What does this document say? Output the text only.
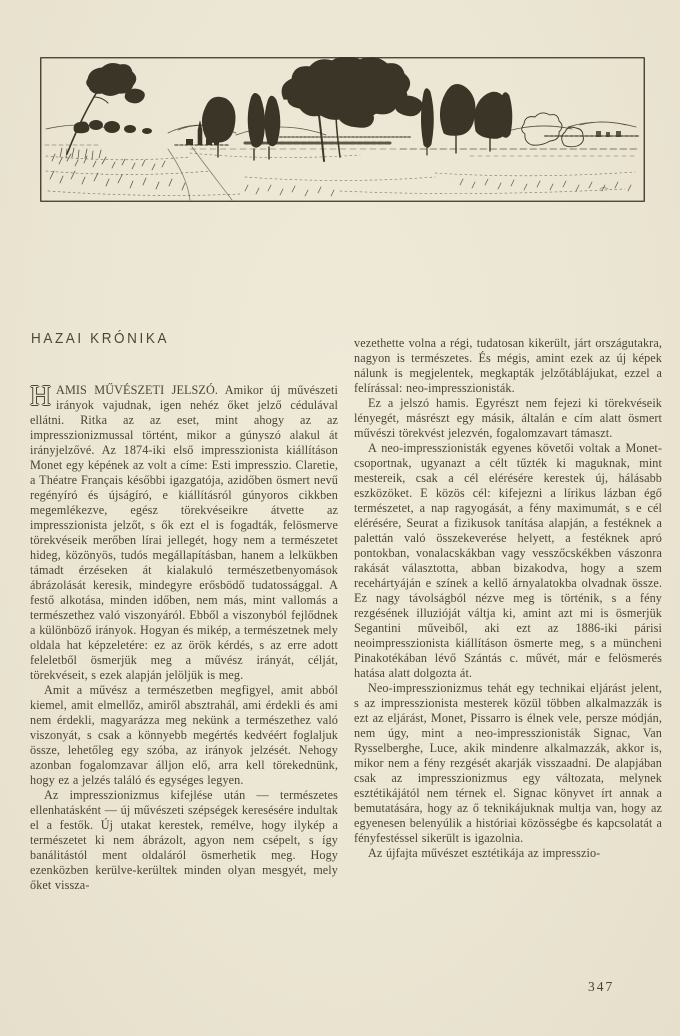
HAZAI KRÓNIKA

HAMIS MŰVÉSZETI JELSZÓ. Amikor új művészeti irányok vajudnak, igen nehéz őket jelző cédulával ellátni. Ritka az az eset, mint ahogy az az impresszionizmussal történt, mikor a gúnyszó alakul át irányjelzővé. Az 1874-iki első impresszionista kiállításon Monet egy képének az volt a címe: Esti impresszio. Claretie, a Théatre Français későbbi igazgatója, azidőben ösmert nevű regényíró és újságíró, e kiállításról gúnyoros cikkben megemlékezve, egész törekvéseikre átvette az impresszionista jelzőt, s ők ezt el is fogadták, felösmerve törekvéseik merőben lírai jellegét, hogy nem a természetet hideg, közönyös, tudós megállapításban, hanem a lelkükben támadt érzéseken át kialakuló természetbenyomások ábrázolását keresik, mindegyre erősbödő tudatossággal. A festő alkotása, minden időben, nem más, mint vallomás a természethez való viszonyáról. Ebből a viszonyból fejlődnek a különböző irányok. Hogyan és mikép, a természetnek mely oldala hat képzeletére: ez az örök kérdés, s az erre adott feleletből ösmerjük meg a művész irányát, célját, törekvéseit, s ezek alapján jelöljük is meg.

Amit a művész a természetben megfigyel, amit abból kiemel, amit elmellőz, amiről absztrahál, ami érdekli és ami nem érdekli, magyarázza meg nekünk a természethez való viszonyát, s csak a könnyebb megértés kedvéért foglaljuk össze, lehetőleg egy szóba, az irányok jelzését. Nehogy azonban fogalomzavar álljon elő, arra kell törekednünk, hogy ez a jelzés találó és egységes legyen.

Az impresszionizmus kifejlése után — természetes ellenhatásként — új művészeti szépségek keresésére indultak el a festők. Új utakat kerestek, remélve, hogy ilykép a természetet ki nem ábrázolt, agyon nem csépelt, s így banálitástól ment oldaláról ösmerhetik meg. Hogy ezenközben kerülve-kerültek minden olyan mesgyét, mely őket vissza-

vezethette volna a régi, tudatosan kikerült, járt országutakra, nagyon is természetes. És mégis, amint ezek az új képek nálunk is megjelentek, megkapták jelzőtáblájukat, ezzel a felírással: neo-impresszionisták.

Ez a jelszó hamis. Egyrészt nem fejezi ki törekvéseik lényegét, másrészt egy másik, általán e cím alatt ösmert művészi törekvést jelezvén, fogalomzavart támaszt.

A neo-impresszionisták egyenes követői voltak a Monet-csoportnak, ugyanazt a célt tűzték ki maguknak, mint mestereik, csak a cél elérésére kerestek új, hálásabb eszközöket. E közös cél: kifejezni a lírikus lázban égő természetet, a nap ragyogását, a fény maximumát, s e cél elérésére, Seurat a fizikusok tanítása alapján, a festéknek a palettán való összekeverése helyett, a festéknek apró pontokban, vonalacskákban vagy vesszőcskékben vászonra rakását választotta, abban bizakodva, hogy a szem recehártyáján e színek a kellő árnyalatokba olvadnak össze. Ez nagy távolságból nézve meg is történik, s a fény rezgésének illuzióját váltja ki, amint azt mi is ösmerjük Segantini műveiből, aki ezt az 1886-iki párisi neoimpresszionista kiállításon ösmerte meg, s a müncheni Pinakotékában lévő Szántás c. művét, már e felösmerés hatása alatt dolgozta át.

Neo-impresszionizmus tehát egy technikai eljárást jelent, s az impresszionista mesterek közül többen alkalmazzák is ezt az eljárást, Monet, Pissarro is élnek vele, persze módján, nem úgy, mint a neo-impresszionisták Signac, Van Rysselberghe, Luce, akik mindenre alkalmazzák, akkor is, mikor nem a fény rezgését akarják visszaadni. De alapjában csak az impresszionizmus egy változata, melynek esztétikájától nem térnek el. Signac könyvet írt annak a bemutatására, hogy az ő teknikájuknak multja van, hogy az egyenesen belenyúlik a históriai közösségbe és kapcsolatát a fényfestéssel sikerült is igazolnia.

Az újfajta művészet esztétikája az impresszio-

347
